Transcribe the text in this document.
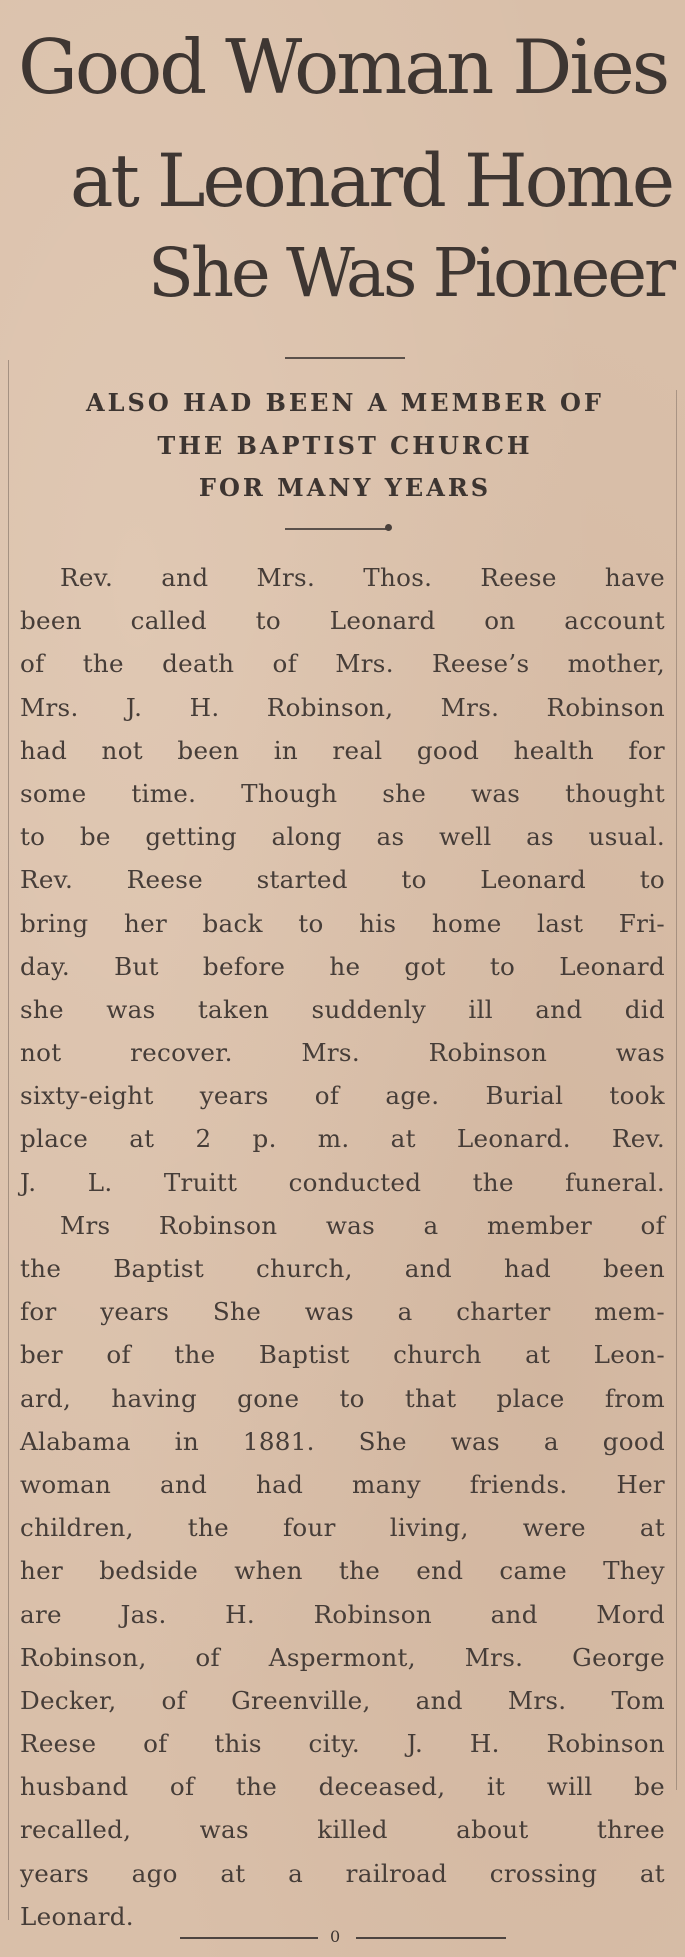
Good Woman Dies
at Leonard Home
She Was Pioneer

ALSO HAD BEEN A MEMBER OF

THE BAPTIST CHURCH

FOR MANY YEARS

Rev. and Mrs. Thos. Reese have
been called to Leonard on account
of the death of Mrs. Reese’s mother,
Mrs. J. H. Robinson, Mrs. Robinson
had not been in real good health for
some time. Though she was thought
to be getting along as well as usual.
Rev. Reese started to Leonard to
bring her back to his home last Fri-
day. But before he got to Leonard
she was taken suddenly ill and did
not recover. Mrs. Robinson was
sixty-eight years of age. Burial took
place at 2 p. m. at Leonard. Rev.
J. L. Truitt conducted the funeral.
Mrs Robinson was a member of
the Baptist church, and had been
for years She was a charter mem-
ber of the Baptist church at Leon-
ard, having gone to that place from
Alabama in 1881. She was a good
woman and had many friends. Her
children, the four living, were at
her bedside when the end came They
are Jas. H. Robinson and Mord
Robinson, of Aspermont, Mrs. George
Decker, of Greenville, and Mrs. Tom
Reese of this city. J. H. Robinson
husband of the deceased, it will be
recalled, was killed about three
years ago at a railroad crossing at
Leonard.
0
